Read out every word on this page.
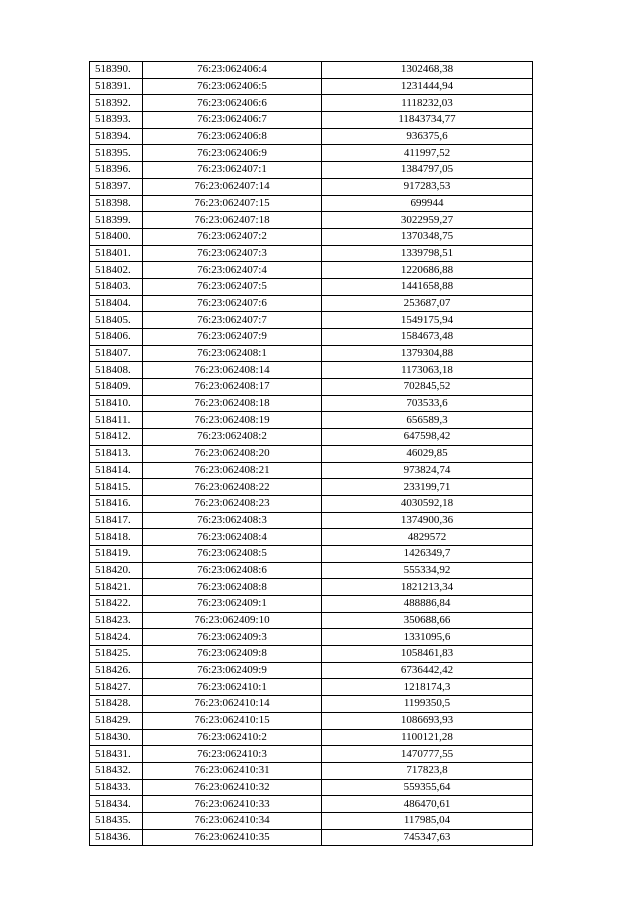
518390.	76:23:062406:4	1302468,38
518391.	76:23:062406:5	1231444,94
518392.	76:23:062406:6	1118232,03
518393.	76:23:062406:7	11843734,77
518394.	76:23:062406:8	936375,6
518395.	76:23:062406:9	411997,52
518396.	76:23:062407:1	1384797,05
518397.	76:23:062407:14	917283,53
518398.	76:23:062407:15	699944
518399.	76:23:062407:18	3022959,27
518400.	76:23:062407:2	1370348,75
518401.	76:23:062407:3	1339798,51
518402.	76:23:062407:4	1220686,88
518403.	76:23:062407:5	1441658,88
518404.	76:23:062407:6	253687,07
518405.	76:23:062407:7	1549175,94
518406.	76:23:062407:9	1584673,48
518407.	76:23:062408:1	1379304,88
518408.	76:23:062408:14	1173063,18
518409.	76:23:062408:17	702845,52
518410.	76:23:062408:18	703533,6
518411.	76:23:062408:19	656589,3
518412.	76:23:062408:2	647598,42
518413.	76:23:062408:20	46029,85
518414.	76:23:062408:21	973824,74
518415.	76:23:062408:22	233199,71
518416.	76:23:062408:23	4030592,18
518417.	76:23:062408:3	1374900,36
518418.	76:23:062408:4	4829572
518419.	76:23:062408:5	1426349,7
518420.	76:23:062408:6	555334,92
518421.	76:23:062408:8	1821213,34
518422.	76:23:062409:1	488886,84
518423.	76:23:062409:10	350688,66
518424.	76:23:062409:3	1331095,6
518425.	76:23:062409:8	1058461,83
518426.	76:23:062409:9	6736442,42
518427.	76:23:062410:1	1218174,3
518428.	76:23:062410:14	1199350,5
518429.	76:23:062410:15	1086693,93
518430.	76:23:062410:2	1100121,28
518431.	76:23:062410:3	1470777,55
518432.	76:23:062410:31	717823,8
518433.	76:23:062410:32	559355,64
518434.	76:23:062410:33	486470,61
518435.	76:23:062410:34	117985,04
518436.	76:23:062410:35	745347,63
